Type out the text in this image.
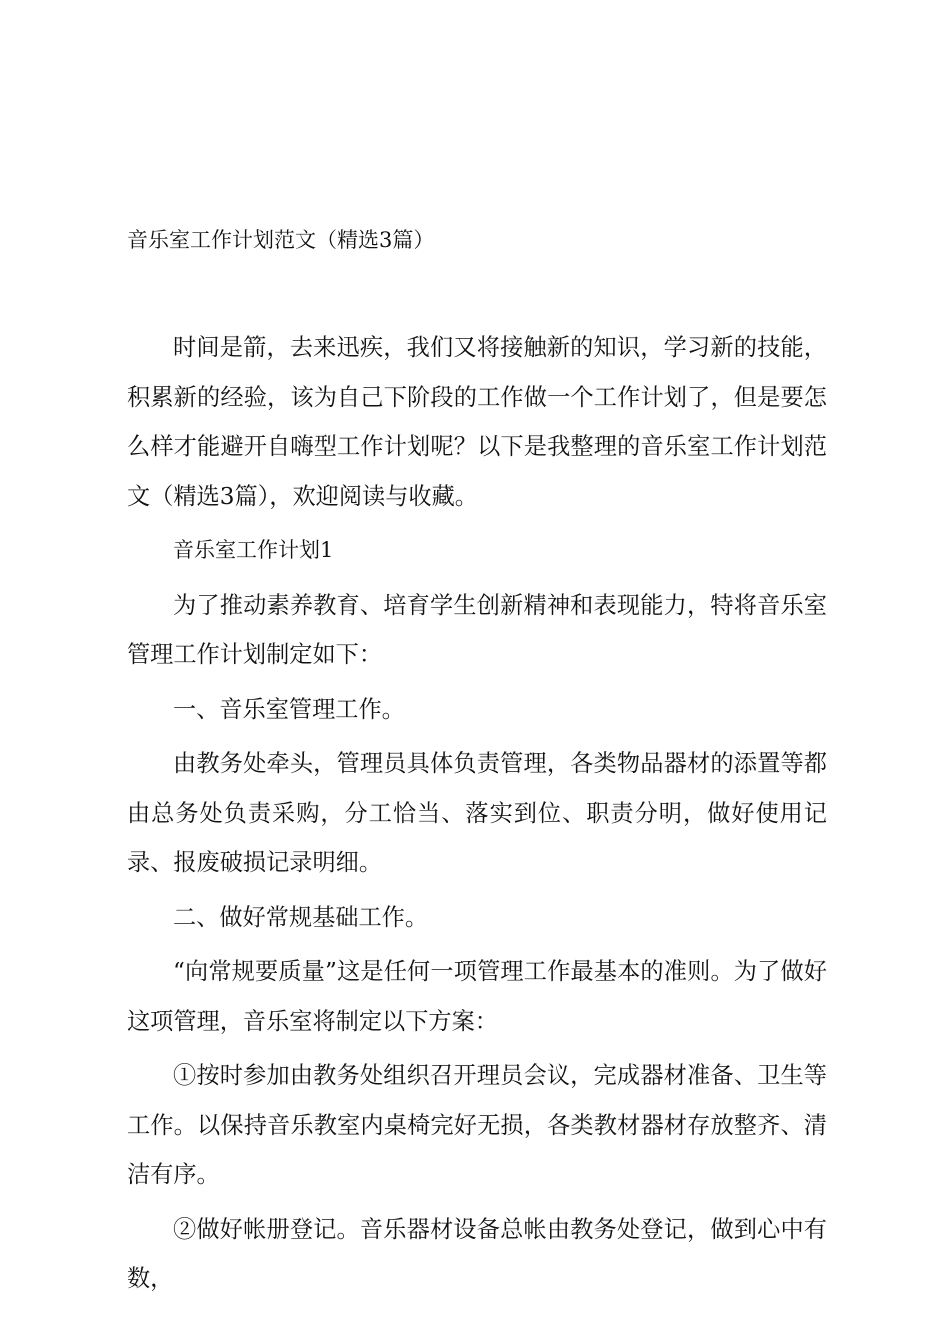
音乐室工作计划范文（精选3篇）

时间是箭，去来迅疾，我们又将接触新的知识，学习新的技能，积累新的经验，该为自己下阶段的工作做一个工作计划了，但是要怎么样才能避开自嗨型工作计划呢？以下是我整理的音乐室工作计划范文（精选3篇），欢迎阅读与收藏。

音乐室工作计划1

为了推动素养教育、培育学生创新精神和表现能力，特将音乐室管理工作计划制定如下：

一、音乐室管理工作。

由教务处牵头，管理员具体负责管理，各类物品器材的添置等都由总务处负责采购，分工恰当、落实到位、职责分明，做好使用记录、报废破损记录明细。

二、做好常规基础工作。

“向常规要质量”这是任何一项管理工作最基本的准则。为了做好这项管理，音乐室将制定以下方案：

①按时参加由教务处组织召开理员会议，完成器材准备、卫生等工作。以保持音乐教室内桌椅完好无损，各类教材器材存放整齐、清洁有序。

②做好帐册登记。音乐器材设备总帐由教务处登记，做到心中有数，
